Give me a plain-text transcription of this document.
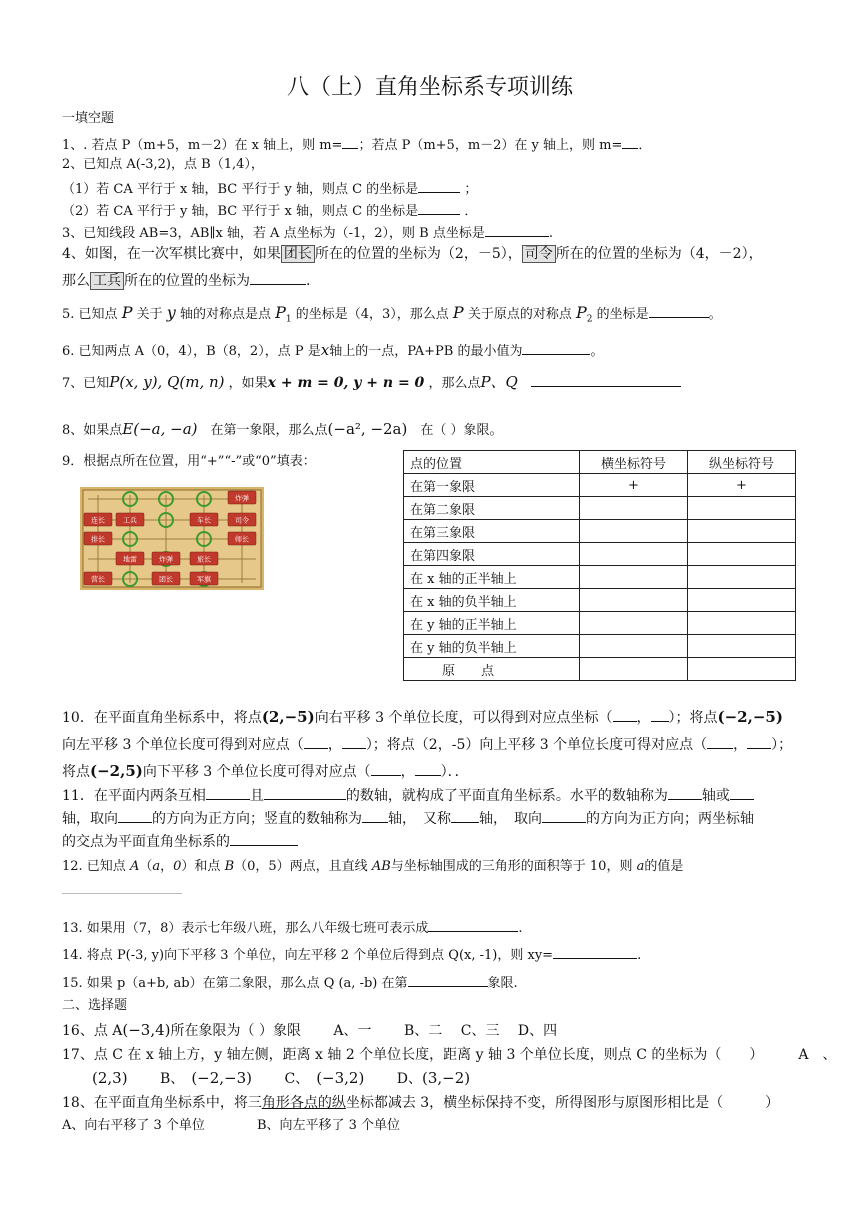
八（上）直角坐标系专项训练
一填空题
1、. 若点 P（m+5，m－2）在 x 轴上，则 m= ；若点 P（m+5，m－2）在 y 轴上，则 m= ．
2、已知点 A(-3,2)，点 B（1,4），
（1）若 CA 平行于 x 轴，BC 平行于 y 轴，则点 C 的坐标是	；
（2）若 CA 平行于 y 轴，BC 平行于 x 轴，则点 C 的坐标是	．
3、已知线段 AB=3，AB∥x 轴，若 A 点坐标为（-1，2），则 B 点坐标是	.
4、如图，在一次军棋比赛中，如果 团长 所在的位置的坐标为（2，－5）， 司令 所在的位置的坐标为（4，－2），
那么 工兵 所在的位置的坐标为	.
5. 已知点 P 关于 y 轴的对称点是点 $P_1$ 的坐标是（4，3），那么点 P 关于原点的对称点 $P_2$ 的坐标是	。
6. 已知两点 A（0，4），B（8，2），点 P 是x轴上的一点，PA+PB 的最小值为	。
7、已知P(x, y), Q(m, n) ，如果x + m = 0, y + n = 0 ，那么点P、Q　
8、如果点E(−a, −a)　 在第一象限，那么点(−a², −2a)　 在（ ）象限。
9．根据点所在位置，用“+”“-”或“0”填表：
炸弹
连长	工兵	车长	司令
排长	师长
地雷	炸弹	旅长
营长	团长	军旗
点的位置	横坐标符号	纵坐标符号
在第一象限	+	+
在第二象限		
在第三象限		
在第四象限		
在 x 轴的正半轴上		
在 x 轴的负半轴上		
在 y 轴的正半轴上		
在 y 轴的负半轴上		
原　　点		
10．在平面直角坐标系中，将点(2,−5)向右平移 3 个单位长度，可以得到对应点坐标（ ， ）；将点(−2,−5)
向左平移 3 个单位长度可得到对应点（ ， ）；将点（2，-5）向上平移 3 个单位长度可得对应点（ ， ）；
将点(−2,5)向下平移 3 个单位长度可得对应点（ ， ）．．
11．在平面内两条互相	且	的数轴，就构成了平面直角坐标系。水平的数轴称为 轴或
轴，取向 的方向为正方向；竖直的数轴称为 轴，　又称 轴，　取向	的方向为正方向；两坐标轴
的交点为平面直角坐标系的
12. 已知点 A（a，0）和点 B（0，5）两点，且直线 AB与坐标轴围成的三角形的面积等于 10，则 a的值是
13. 如果用（7，8）表示七年级八班，那么八年级七班可表示成	.
14. 将点 P(-3, y)向下平移 3 个单位，向左平移 2 个单位后得到点 Q(x, -1)，则 xy=	.
15. 如果 p（a+b, ab）在第二象限，那么点 Q (a, -b) 在第	象限.
二、选择题
16、点 A(−3,4)所在象限为（ ）象限　　 A、一　　 B、二　 C、三　 D、四
17、点 C 在 x 轴上方，y 轴左侧，距离 x 轴 2 个单位长度，距离 y 轴 3 个单位长度，则点 C 的坐标为（　　）　　　	A　、
(2,3)　　 B、　 (−2,−3)　　 C、　 (−3,2)　　 D、(3,−2)
18、在平面直角坐标系中，将三角形各点的纵坐标都减去 3，横坐标保持不变，所得图形与原图形相比是（　　　）
A、向右平移了 3 个单位　　　　	B、向左平移了 3 个单位
